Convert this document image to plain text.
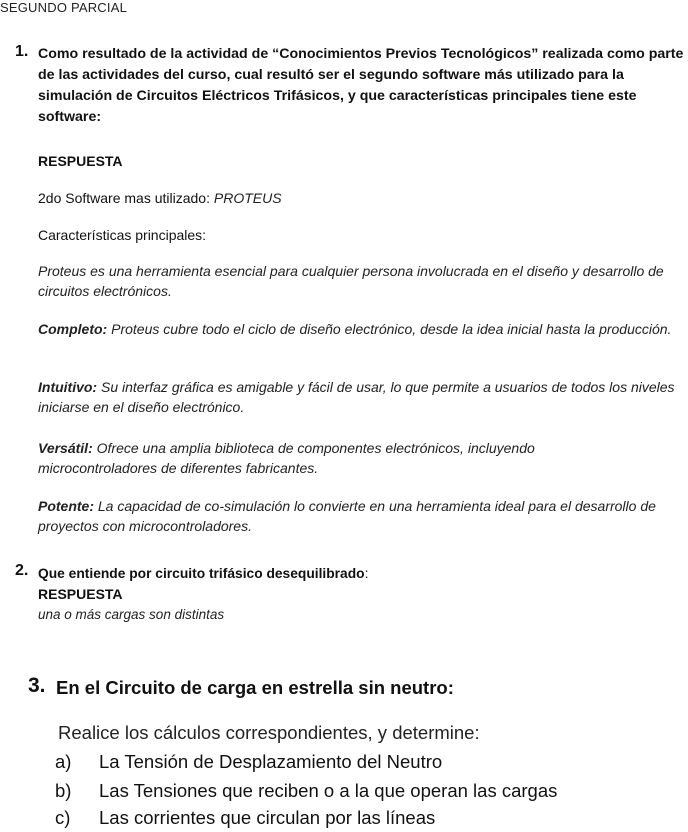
SEGUNDO PARCIAL
1. Como resultado de la actividad de “Conocimientos Previos Tecnológicos” realizada como parte de las actividades del curso, cual resultó ser el segundo software más utilizado para la simulación de Circuitos Eléctricos Trifásicos, y que características principales tiene este software:
RESPUESTA
2do Software mas utilizado: PROTEUS
Características principales:
Proteus es una herramienta esencial para cualquier persona involucrada en el diseño y desarrollo de circuitos electrónicos.
Completo: Proteus cubre todo el ciclo de diseño electrónico, desde la idea inicial hasta la producción.
Intuitivo: Su interfaz gráfica es amigable y fácil de usar, lo que permite a usuarios de todos los niveles iniciarse en el diseño electrónico.
Versátil: Ofrece una amplia biblioteca de componentes electrónicos, incluyendo microcontroladores de diferentes fabricantes.
Potente: La capacidad de co-simulación lo convierte en una herramienta ideal para el desarrollo de proyectos con microcontroladores.
2. Que entiende por circuito trifásico desequilibrado:
RESPUESTA
una o más cargas son distintas
3. En el Circuito de carga en estrella sin neutro:
Realice los cálculos correspondientes, y determine:
a) La Tensión de Desplazamiento del Neutro
b) Las Tensiones que reciben o a la que operan las cargas
c) Las corrientes que circulan por las líneas
